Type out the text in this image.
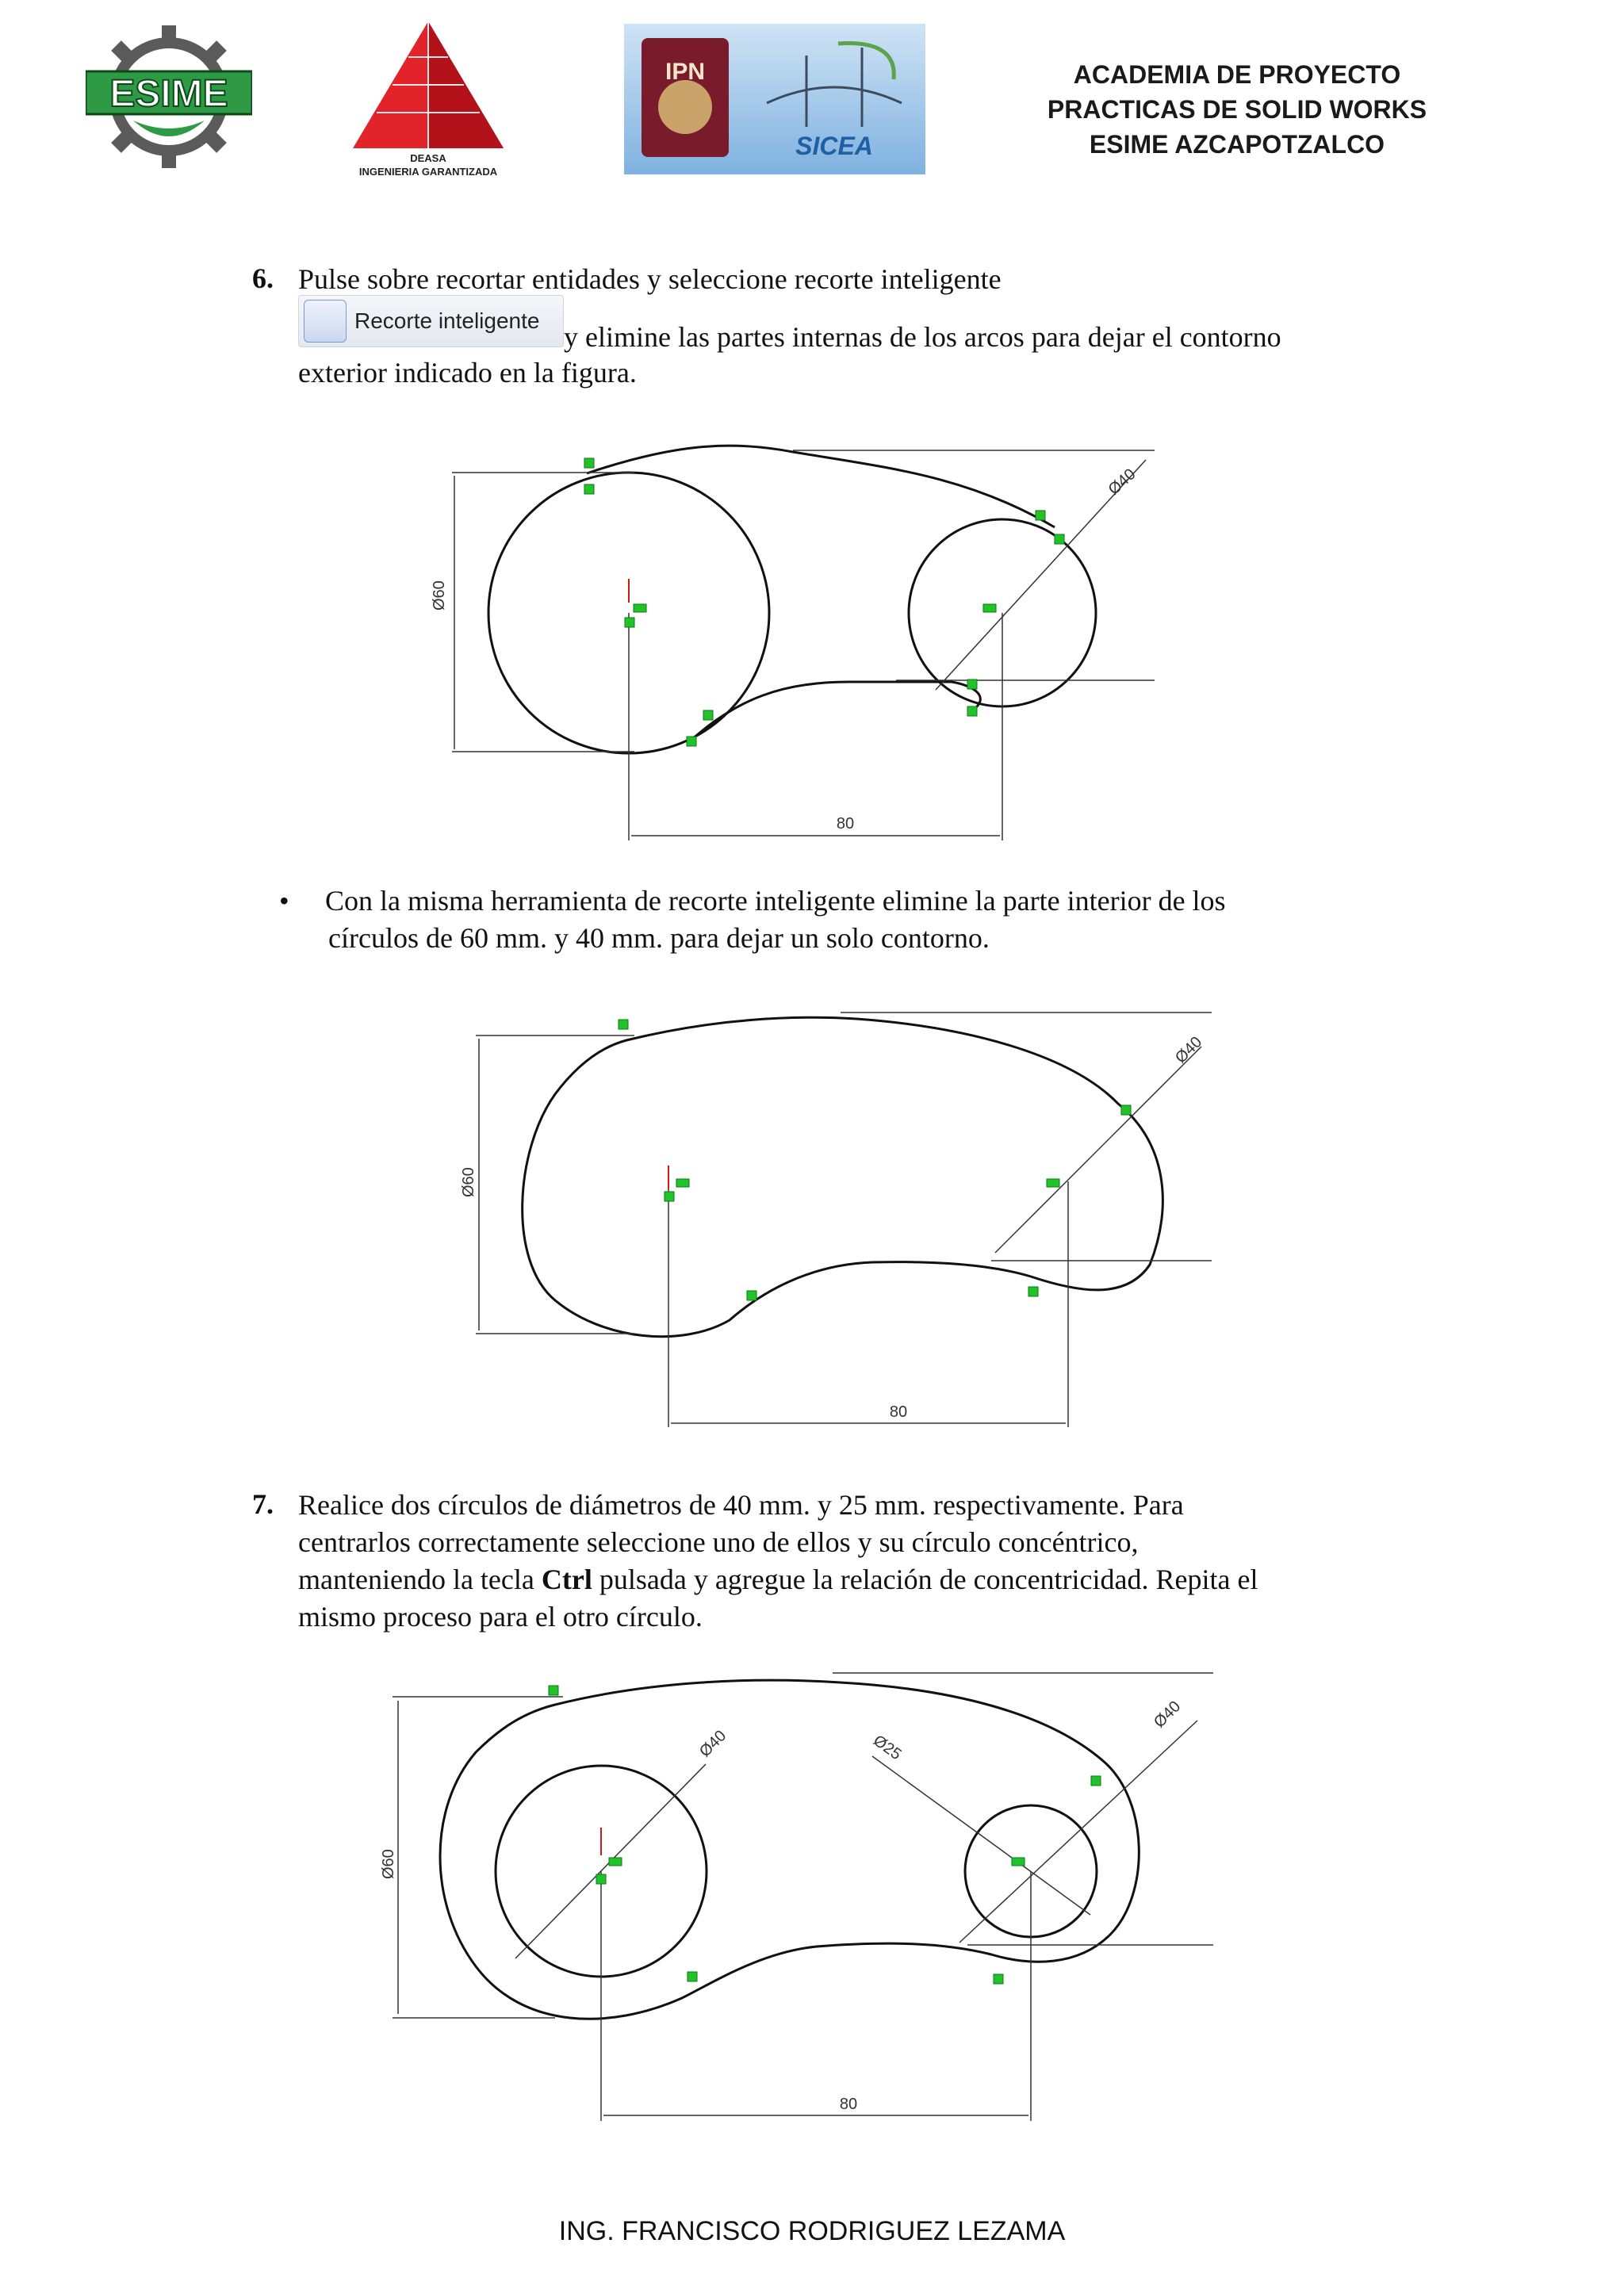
ESIME
DEASA
INGENIERIA GARANTIZADA
IPN
SICEA
ACADEMIA DE PROYECTO
PRACTICAS DE SOLID WORKS
ESIME AZCAPOTZALCO
6. Pulse sobre recortar entidades y seleccione recorte inteligente
Recorte inteligente
y elimine las partes internas de los arcos para dejar el contorno
exterior indicado en la figura.
Ø60
Ø40
80
• Con la misma herramienta de recorte inteligente elimine la parte interior de los
círculos de 60 mm. y 40 mm. para dejar un solo contorno.
Ø60
Ø40
80
7. Realice dos círculos de diámetros de 40 mm. y 25 mm. respectivamente. Para
centrarlos correctamente seleccione uno de ellos y su círculo concéntrico,
manteniendo la tecla Ctrl pulsada y agregue la relación de concentricidad. Repita el
mismo proceso para el otro círculo.
Ø60
Ø40	Ø25
Ø40
80
ING. FRANCISCO RODRIGUEZ LEZAMA
